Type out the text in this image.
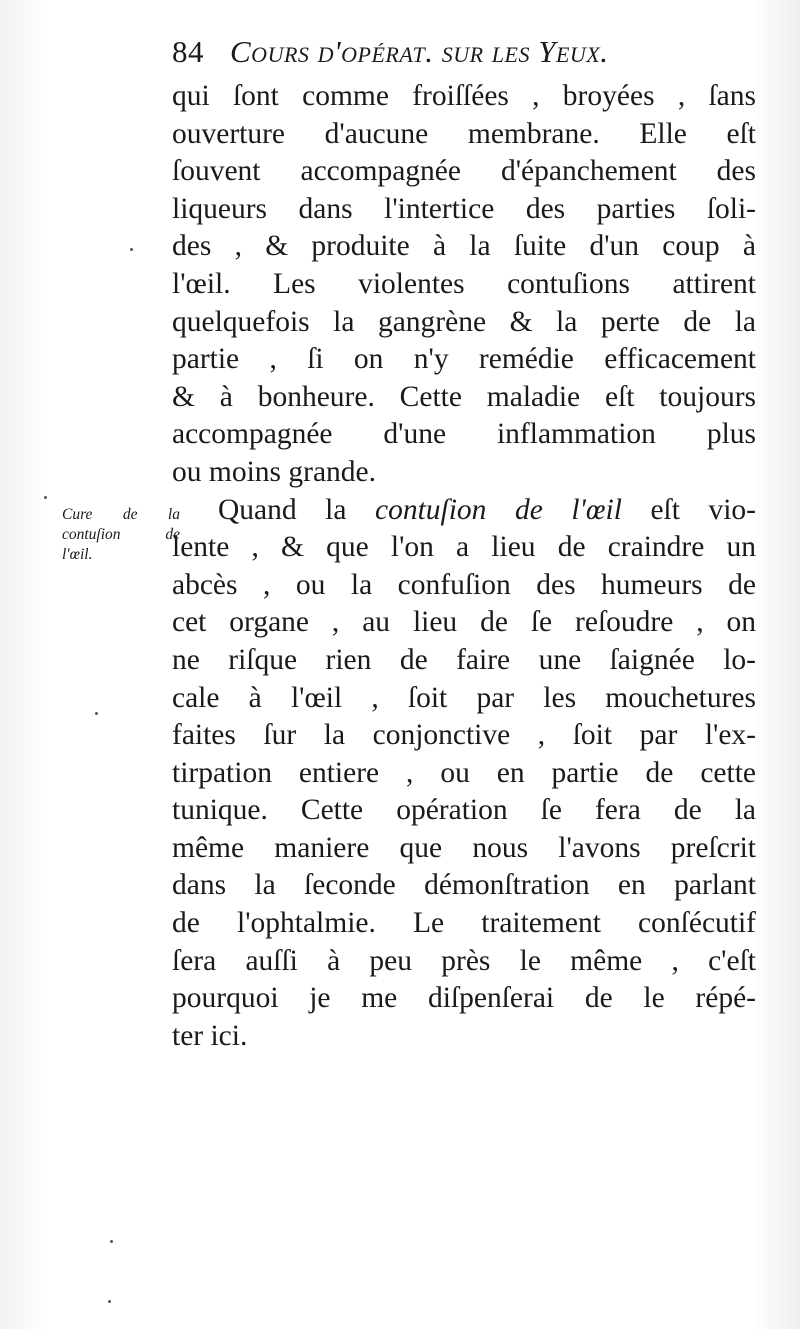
84 Cours d'opérat. sur les Yeux.
Cure de la
contuſion de
l'œil.
qui ſont comme froiſſées , broyées , ſans
ouverture d'aucune membrane. Elle eſt
ſouvent accompagnée d'épanchement des
liqueurs dans l'intertice des parties ſoli-
des , & produite à la ſuite d'un coup à
l'œil. Les violentes contuſions attirent
quelquefois la gangrène & la perte de la
partie , ſi on n'y remédie efficacement
& à bonheure. Cette maladie eſt toujours
accompagnée d'une inflammation plus
ou moins grande.
Quand la contuſion de l'œil eſt vio-
lente , & que l'on a lieu de craindre un
abcès , ou la confuſion des humeurs de
cet organe , au lieu de ſe reſoudre , on
ne riſque rien de faire une ſaignée lo-
cale à l'œil , ſoit par les mouchetures
faites ſur la conjonctive , ſoit par l'ex-
tirpation entiere , ou en partie de cette
tunique. Cette opération ſe fera de la
même maniere que nous l'avons preſcrit
dans la ſeconde démonſtration en parlant
de l'ophtalmie. Le traitement conſécutif
ſera auſſi à peu près le même , c'eſt
pourquoi je me diſpenſerai de le répé-
ter ici.
